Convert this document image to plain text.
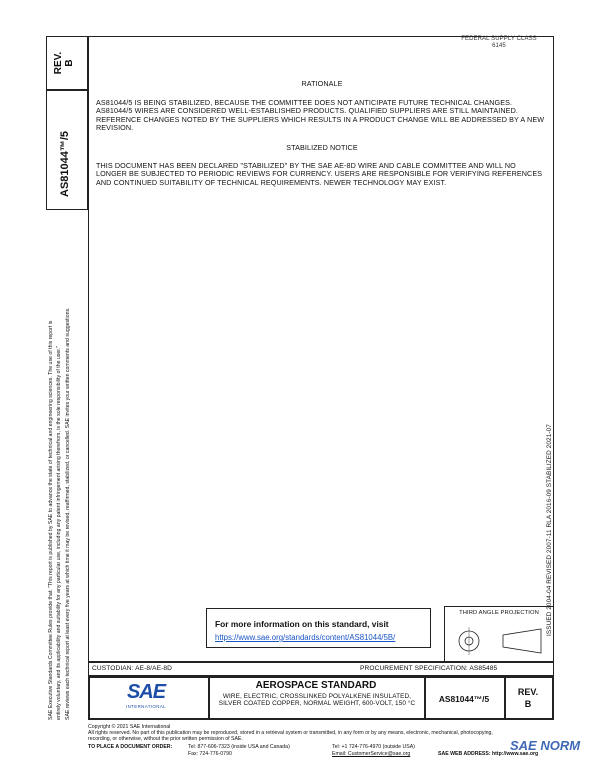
FEDERAL SUPPLY CLASS
6145
REV. B
AS81044™/5
SAE Executive Standards Committee Rules provide that: "This report is published by SAE to advance the state of technical and engineering sciences. The use of this report is entirely voluntary, and its applicability and suitability for any particular use, including any patent infringement arising therefrom, is the sole responsibility of the user." SAE reviews each technical report at least every five years at which time it may be revised, reaffirmed, stabilized, or cancelled. SAE invites your written comments and suggestions.
RATIONALE
AS81044/5 IS BEING STABILIZED, BECAUSE THE COMMITTEE DOES NOT ANTICIPATE FUTURE TECHNICAL CHANGES. AS81044/5 WIRES ARE CONSIDERED WELL-ESTABLISHED PRODUCTS. QUALIFIED SUPPLIERS ARE STILL MAINTAINED. REFERENCE CHANGES NOTED BY THE SUPPLIERS WHICH RESULTS IN A PRODUCT CHANGE WILL BE ADDRESSED BY A NEW REVISION.
STABILIZED NOTICE
THIS DOCUMENT HAS BEEN DECLARED "STABILIZED" BY THE SAE AE-8D WIRE AND CABLE COMMITTEE AND WILL NO LONGER BE SUBJECTED TO PERIODIC REVIEWS FOR CURRENCY. USERS ARE RESPONSIBLE FOR VERIFYING REFERENCES AND CONTINUED SUITABILITY OF TECHNICAL REQUIREMENTS. NEWER TECHNOLOGY MAY EXIST.
ISSUED 2004-04 REVISED 2007-11 RLA 2016-09 STABILIZED 2021-07
For more information on this standard, visit
https://www.sae.org/standards/content/AS81044/5B/
THIRD ANGLE PROJECTION
CUSTODIAN: AE-8/AE-8D	PROCUREMENT SPECIFICATION: AS85485
SAE
INTERNATIONAL
AEROSPACE STANDARD
WIRE, ELECTRIC, CROSSLINKED POLYALKENE INSULATED, SILVER COATED COPPER, NORMAL WEIGHT, 600-VOLT, 150 °C	AS81044™/5
REV.
B
Copyright © 2021 SAE International
All rights reserved. No part of this publication may be reproduced, stored in a retrieval system or transmitted, in any form or by any means, electronic, mechanical, photocopying,
recording, or otherwise, without the prior written permission of SAE.
TO PLACE A DOCUMENT ORDER:	Tel: 877-606-7323 (inside USA and Canada)
Fax: 724-776-0790
Tel: +1 724-776-4970 (outside USA)
Email: CustomerService@sae.org	SAE WEB ADDRESS: http://www.sae.org
SAE NORM
